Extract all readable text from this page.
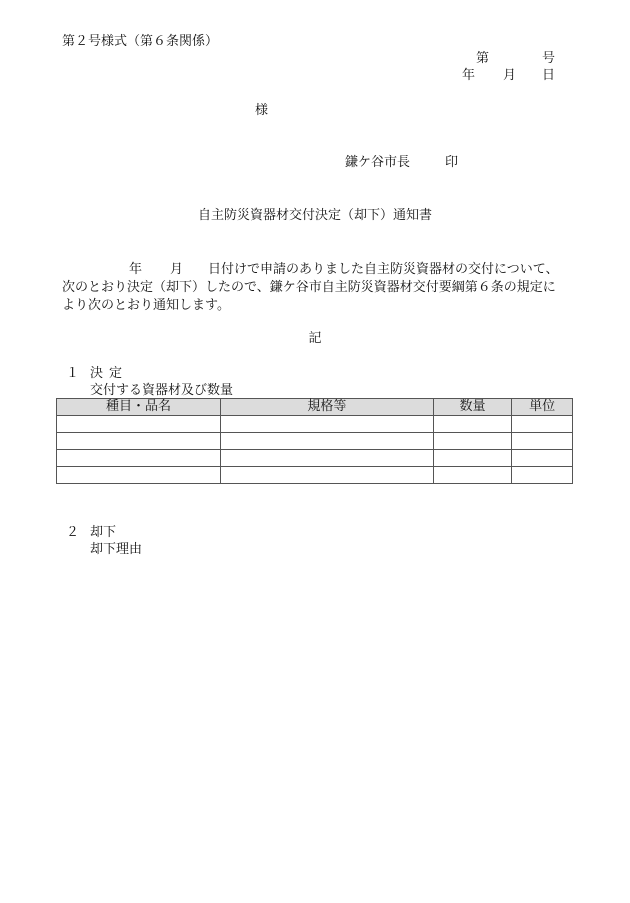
第２号様式（第６条関係）
第	号
年 月 日
様
鎌ケ谷市長	印
自主防災資器材交付決定（却下）通知書
年 月 日付けで申請のありました自主防災資器材の交付について、
次のとおり決定（却下）したので、鎌ケ谷市自主防災資器材交付要綱第６条の規定に
より次のとおり通知します。
記
１ 決定
交付する資器材及び数量
種目・品名	規格等	数量	単位

２ 却下
却下理由
